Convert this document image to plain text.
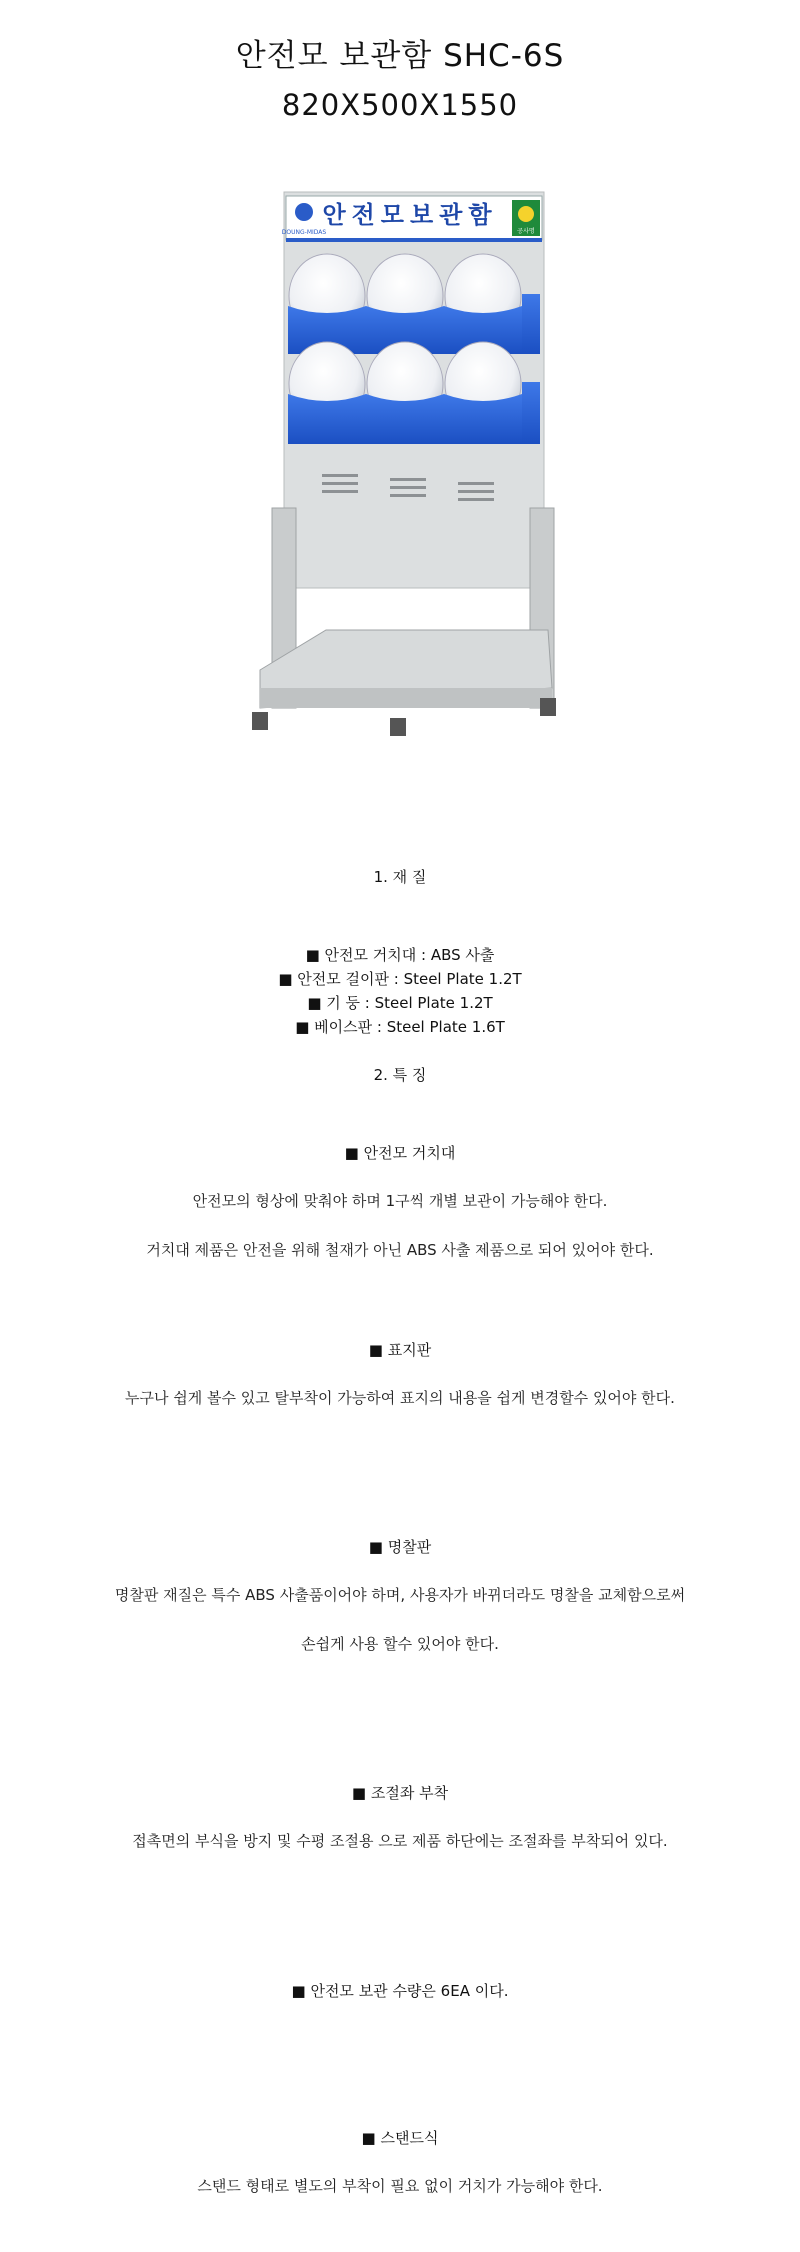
안전모 보관함 SHC-6S
820X500X1550
DOUNG-MIDAS
안전모보관함
공사명
1. 재 질
■ 안전모 거치대 : ABS 사출
■ 안전모 걸이판 : Steel Plate 1.2T
■ 기 둥 : Steel Plate 1.2T
■ 베이스판 : Steel Plate 1.6T
2. 특 징
■ 안전모 거치대
안전모의 형상에 맞춰야 하며 1구씩 개별 보관이 가능해야 한다.
거치대 제품은 안전을 위해 철재가 아닌 ABS 사출 제품으로 되어 있어야 한다.
■ 표지판
누구나 쉽게 볼수 있고 탈부착이 가능하여 표지의 내용을 쉽게 변경할수 있어야 한다.
■ 명찰판
명찰판 재질은 특수 ABS 사출품이어야 하며, 사용자가 바뀌더라도 명찰을 교체함으로써
손쉽게 사용 할수 있어야 한다.
■ 조절좌 부착
접촉면의 부식을 방지 및 수평 조절용 으로 제품 하단에는 조절좌를 부착되어 있다.
■ 안전모 보관 수량은 6EA 이다.
■ 스탠드식
스탠드 형태로 별도의 부착이 필요 없이 거치가 가능해야 한다.
